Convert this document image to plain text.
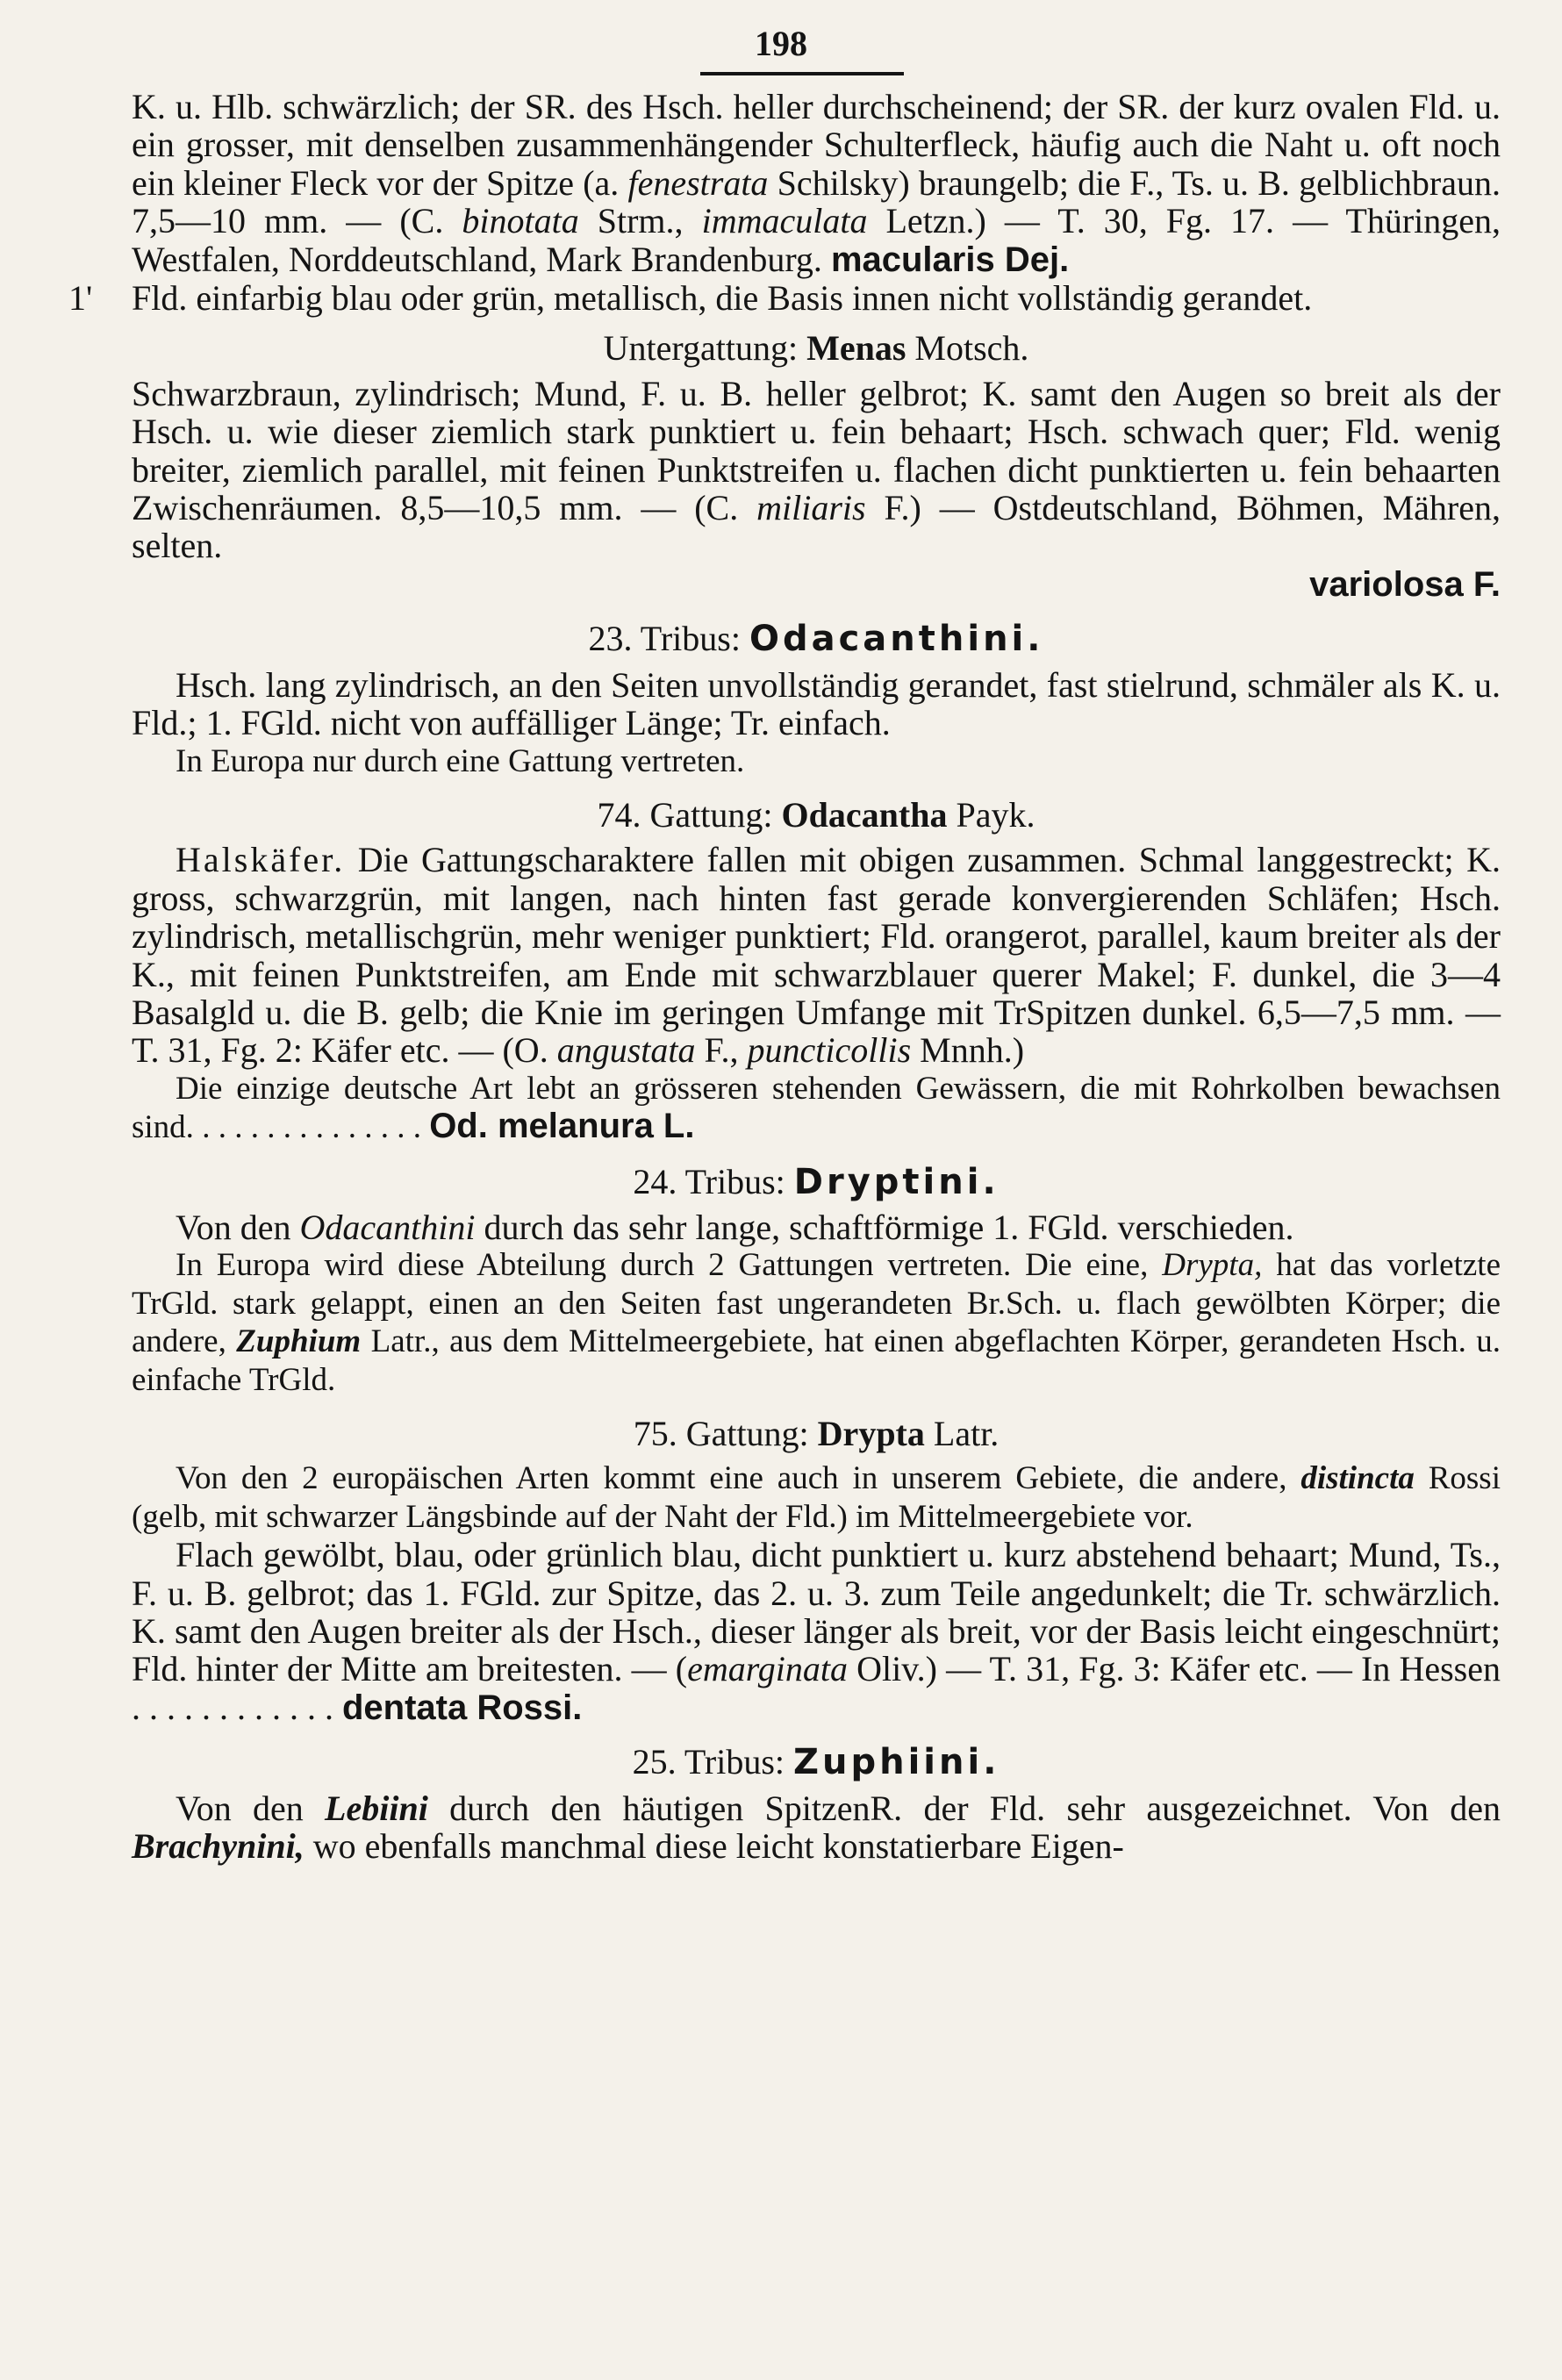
198

K. u. Hlb. schwärzlich; der SR. des Hsch. heller durchscheinend; der SR. der kurz ovalen Fld. u. ein grosser, mit denselben zusammenhängender Schulterfleck, häufig auch die Naht u. oft noch ein kleiner Fleck vor der Spitze (a. fenestrata Schilsky) braungelb; die F., Ts. u. B. gelblichbraun. 7,5—10 mm. — (C. binotata Strm., immaculata Letzn.) — T. 30, Fg. 17. — Thüringen, Westfalen, Norddeutschland, Mark Brandenburg. macularis Dej.

1' Fld. einfarbig blau oder grün, metallisch, die Basis innen nicht vollständig gerandet.

Untergattung: Menas Motsch.

Schwarzbraun, zylindrisch; Mund, F. u. B. heller gelbrot; K. samt den Augen so breit als der Hsch. u. wie dieser ziemlich stark punktiert u. fein behaart; Hsch. schwach quer; Fld. wenig breiter, ziemlich parallel, mit feinen Punktstreifen u. flachen dicht punktierten u. fein behaarten Zwischenräumen. 8,5—10,5 mm. — (C. miliaris F.) — Ostdeutschland, Böhmen, Mähren, selten.

variolosa F.

23. Tribus: Odacanthini.

Hsch. lang zylindrisch, an den Seiten unvollständig gerandet, fast stielrund, schmäler als K. u. Fld.; 1. FGld. nicht von auffälliger Länge; Tr. einfach.

In Europa nur durch eine Gattung vertreten.

74. Gattung: Odacantha Payk.

Halskäfer. Die Gattungscharaktere fallen mit obigen zusammen. Schmal langgestreckt; K. gross, schwarzgrün, mit langen, nach hinten fast gerade konvergierenden Schläfen; Hsch. zylindrisch, metallischgrün, mehr weniger punktiert; Fld. orangerot, parallel, kaum breiter als der K., mit feinen Punktstreifen, am Ende mit schwarzblauer querer Makel; F. dunkel, die 3—4 Basalgld u. die B. gelb; die Knie im geringen Umfange mit TrSpitzen dunkel. 6,5—7,5 mm. — T. 31, Fg. 2: Käfer etc. — (O. angustata F., puncticollis Mnnh.)

Die einzige deutsche Art lebt an grösseren stehenden Gewässern, die mit Rohrkolben bewachsen sind. . . . . . . . . . . . . . . Od. melanura L.

24. Tribus: Dryptini.

Von den Odacanthini durch das sehr lange, schaftförmige 1. FGld. verschieden.

In Europa wird diese Abteilung durch 2 Gattungen vertreten. Die eine, Drypta, hat das vorletzte TrGld. stark gelappt, einen an den Seiten fast ungerandeten Br.Sch. u. flach gewölbten Körper; die andere, Zuphium Latr., aus dem Mittelmeergebiete, hat einen abgeflachten Körper, gerandeten Hsch. u. einfache TrGld.

75. Gattung: Drypta Latr.

Von den 2 europäischen Arten kommt eine auch in unserem Gebiete, die andere, distincta Rossi (gelb, mit schwarzer Längsbinde auf der Naht der Fld.) im Mittelmeergebiete vor.

Flach gewölbt, blau, oder grünlich blau, dicht punktiert u. kurz abstehend behaart; Mund, Ts., F. u. B. gelbrot; das 1. FGld. zur Spitze, das 2. u. 3. zum Teile angedunkelt; die Tr. schwärzlich. K. samt den Augen breiter als der Hsch., dieser länger als breit, vor der Basis leicht eingeschnürt; Fld. hinter der Mitte am breitesten. — (emarginata Oliv.) — T. 31, Fg. 3: Käfer etc. — In Hessen . . . . . . . . . . . . dentata Rossi.

25. Tribus: Zuphiini.

Von den Lebiini durch den häutigen SpitzenR. der Fld. sehr ausgezeichnet. Von den Brachynini, wo ebenfalls manchmal diese leicht konstatierbare Eigen-
